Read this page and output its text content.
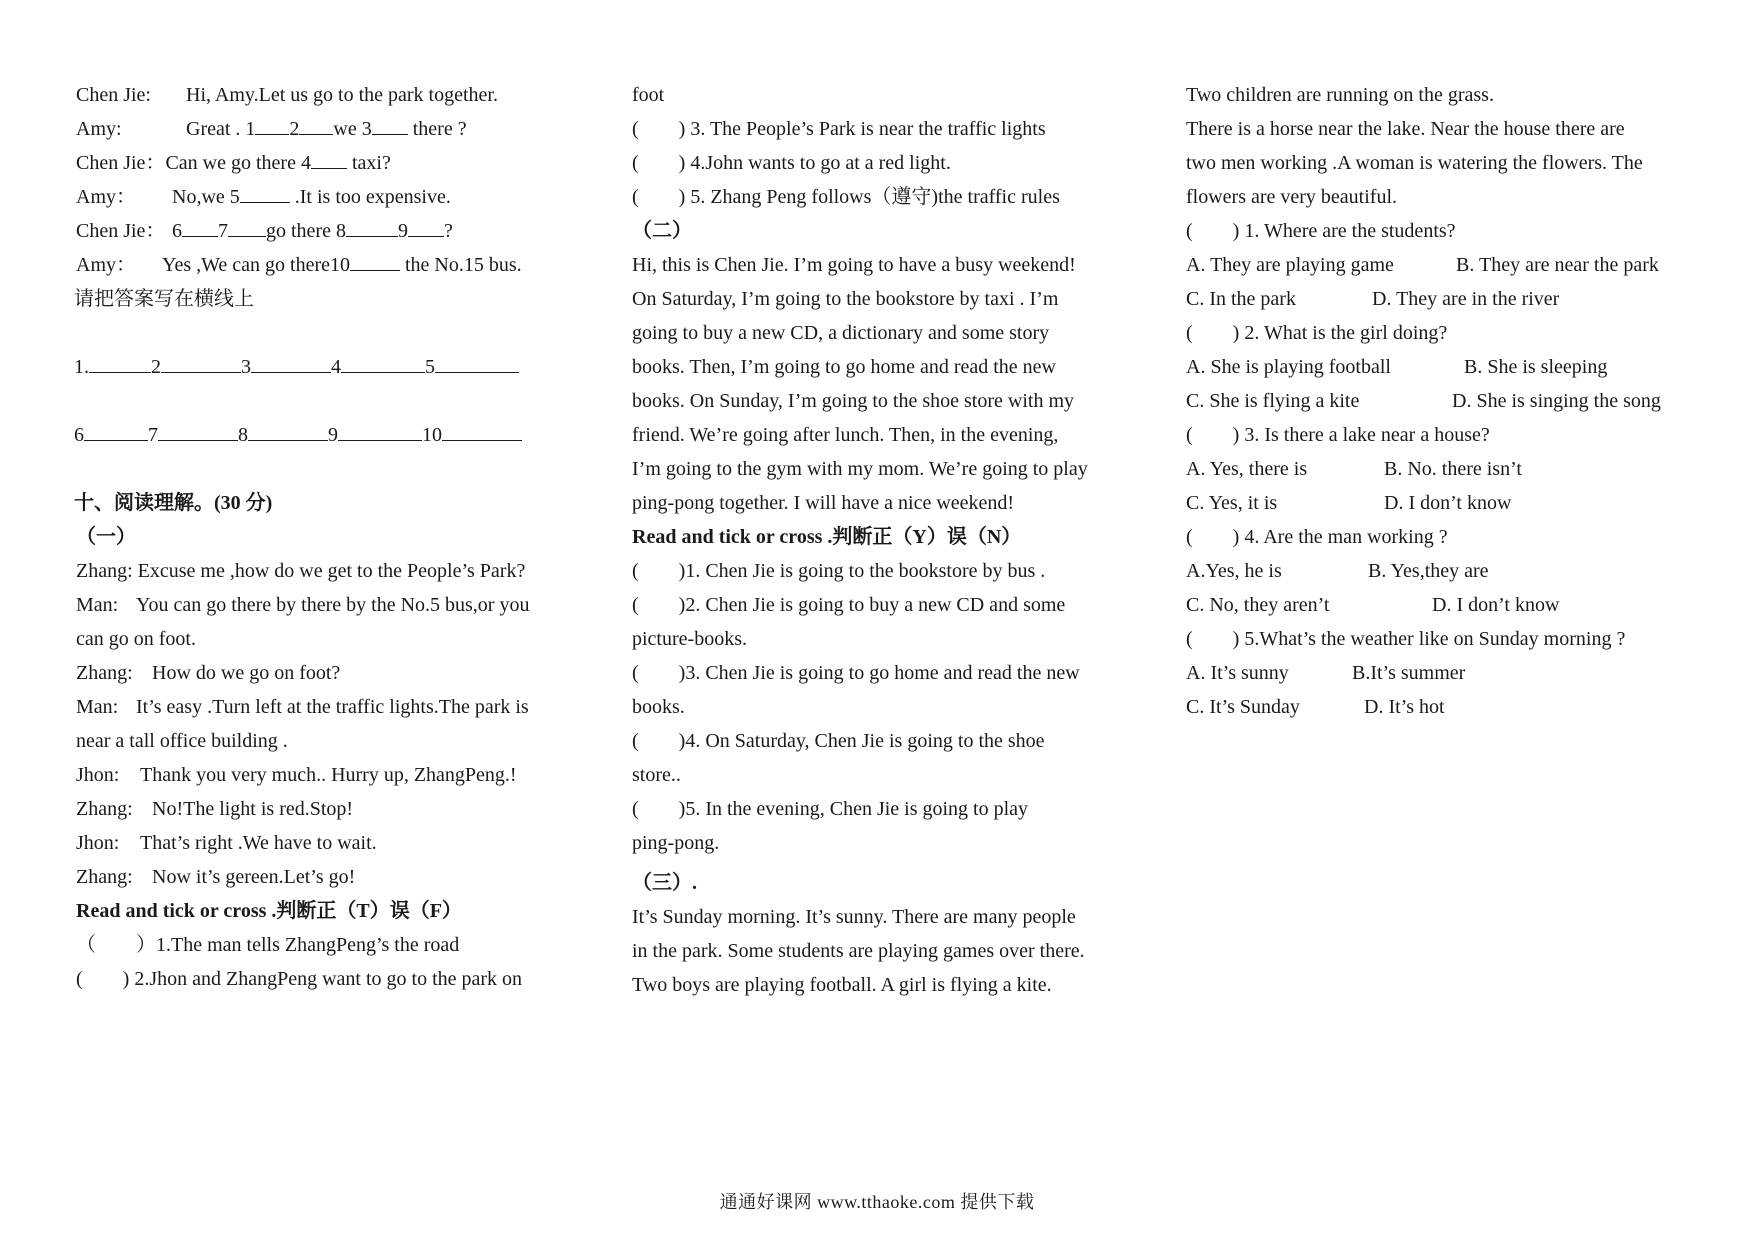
Chen Jie: Hi, Amy.Let us go to the park together.
Amy:	Great . 1 2 we 3 there ?
Chen Jie：Can we go there 4 taxi?
Amy： No,we 5	.It is too expensive.
Chen Jie： 6 7 go there 8	9 ?
Amy： Yes ,We can go there10	the No.15 bus.
请把答案写在横线上
1.	2	3	4	5
6	7	8	9	10
十、阅读理解。(30 分)
（一）
Zhang: Excuse me ,how do we get to the People’s Park?
Man: You can go there by there by the No.5 bus,or you
can go on foot.
Zhang: How do we go on foot?
Man: It’s easy .Turn left at the traffic lights.The park is
near a tall office building .
Jhon: Thank you very much.. Hurry up, ZhangPeng.!
Zhang: No!The light is red.Stop!
Jhon: That’s right .We have to wait.
Zhang: Now it’s gereen.Let’s go!
Read and tick or cross .判断正（T）误（F）
（　　）1.The man tells ZhangPeng’s the road
(　　) 2.Jhon and ZhangPeng want to go to the park on
foot
(　　) 3. The People’s Park is near the traffic lights
(　　) 4.John wants to go at a red light.
(　　) 5. Zhang Peng follows（遵守)the traffic rules
（二）
Hi, this is Chen Jie. I’m going to have a busy weekend!
On Saturday, I’m going to the bookstore by taxi . I’m
going to buy a new CD, a dictionary and some story
books. Then, I’m going to go home and read the new
books. On Sunday, I’m going to the shoe store with my
friend. We’re going after lunch. Then, in the evening,
I’m going to the gym with my mom. We’re going to play
ping-pong together. I will have a nice weekend!
Read and tick or cross .判断正（Y）误（N）
(　　)1. Chen Jie is going to the bookstore by bus .
(　　)2. Chen Jie is going to buy a new CD and some
picture-books.
(　　)3. Chen Jie is going to go home and read the new
books.
(　　)4. On Saturday, Chen Jie is going to the shoe
store..
(　　)5. In the evening, Chen Jie is going to play
ping-pong.
（三）.
It’s Sunday morning. It’s sunny. There are many people
in the park. Some students are playing games over there.
Two boys are playing football. A girl is flying a kite.
Two children are running on the grass.
There is a horse near the lake. Near the house there are
two men working .A woman is watering the flowers. The
flowers are very beautiful.
(　　) 1. Where are the students?
A. They are playing game	B. They are near the park
C. In the park	D. They are in the river
(　　) 2. What is the girl doing?
A. She is playing football	B. She is sleeping
C. She is flying a kite	D. She is singing the song
(　　) 3. Is there a lake near a house?
A. Yes, there is	B. No. there isn’t
C. Yes, it is	D. I don’t know
(　　) 4. Are the man working ?
A.Yes, he is	B. Yes,they are
C. No, they aren’t	D. I don’t know
(　　) 5.What’s the weather like on Sunday morning ?
A. It’s sunny	B.It’s summer
C. It’s Sunday	D. It’s hot
通通好课网 www.tthaoke.com 提供下载
